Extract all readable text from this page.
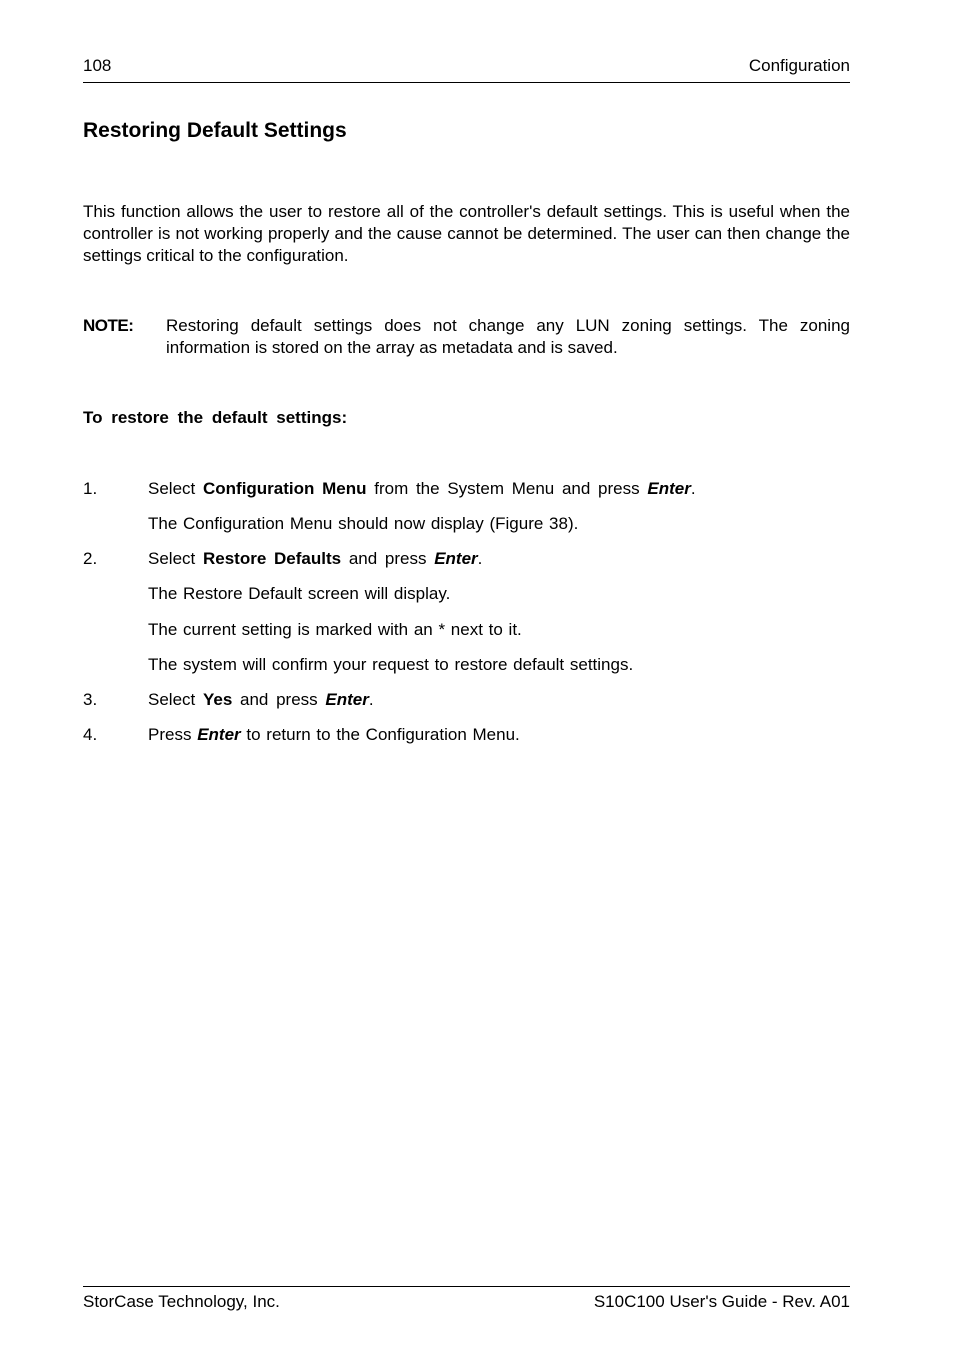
108	Configuration
Restoring Default Settings

This function allows the user to restore all of the controller's default settings. This is useful when the controller is not working properly and the cause cannot be determined. The user can then change the settings critical to the configuration.

NOTE: Restoring default settings does not change any LUN zoning settings. The zoning information is stored on the array as metadata and is saved.
To restore the default settings:
1.	Select Configuration Menu from the System Menu and press Enter.
The Configuration Menu should now display (Figure 38).
2.	Select Restore Defaults and press Enter.
The Restore Default screen will display.
The current setting is marked with an * next to it.
The system will confirm your request to restore default settings.
3.	Select Yes and press Enter.
4.	Press Enter to return to the Configuration Menu.
StorCase Technology, Inc.	S10C100 User's Guide - Rev. A01
